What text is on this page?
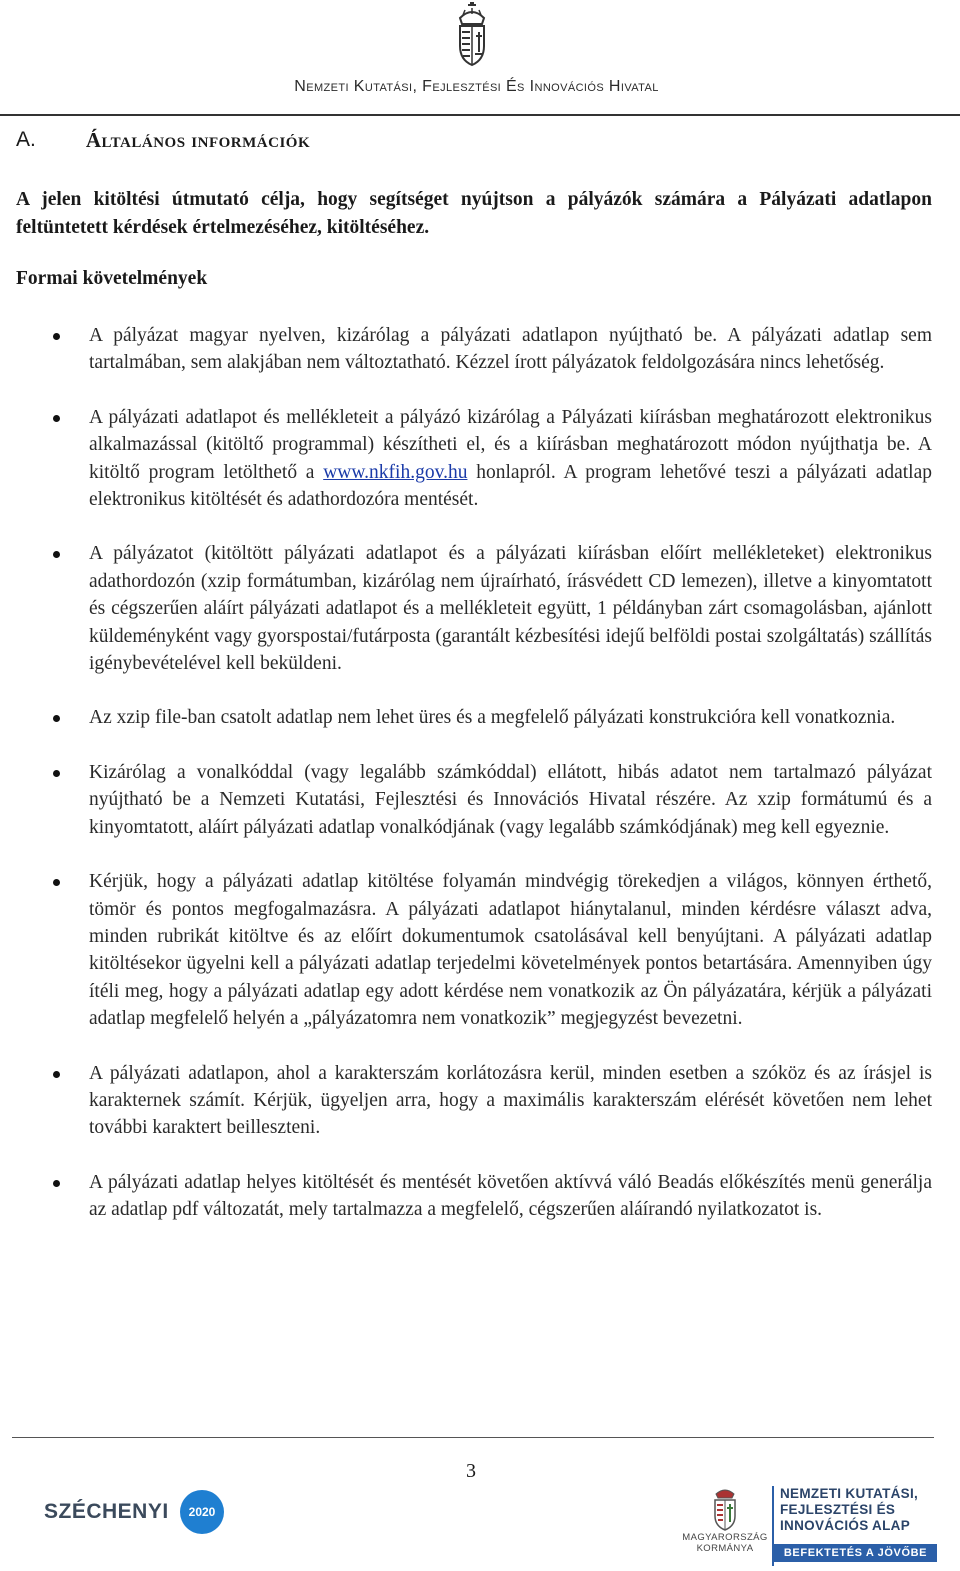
Nemzeti Kutatási, Fejlesztési És Innovációs Hivatal
A. Általános információk
A jelen kitöltési útmutató célja, hogy segítséget nyújtson a pályázók számára a Pályázati adatlapon feltüntetett kérdések értelmezéséhez, kitöltéséhez.
Formai követelmények
A pályázat magyar nyelven, kizárólag a pályázati adatlapon nyújtható be. A pályázati adatlap sem tartalmában, sem alakjában nem változtatható. Kézzel írott pályázatok feldolgozására nincs lehetőség.
A pályázati adatlapot és mellékleteit a pályázó kizárólag a Pályázati kiírásban meghatározott elektronikus alkalmazással (kitöltő programmal) készítheti el, és a kiírásban meghatározott módon nyújthatja be. A kitöltő program letölthető a www.nkfih.gov.hu honlapról. A program lehetővé teszi a pályázati adatlap elektronikus kitöltését és adathordozóra mentését.
A pályázatot (kitöltött pályázati adatlapot és a pályázati kiírásban előírt mellékleteket) elektronikus adathordozón (xzip formátumban, kizárólag nem újraírható, írásvédett CD lemezen), illetve a kinyomtatott és cégszerűen aláírt pályázati adatlapot és a mellékleteit együtt, 1 példányban zárt csomagolásban, ajánlott küldeményként vagy gyorspostai/futárposta (garantált kézbesítési idejű belföldi postai szolgáltatás) szállítás igénybevételével kell beküldeni.
Az xzip file-ban csatolt adatlap nem lehet üres és a megfelelő pályázati konstrukcióra kell vonatkoznia.
Kizárólag a vonalkóddal (vagy legalább számkóddal) ellátott, hibás adatot nem tartalmazó pályázat nyújtható be a Nemzeti Kutatási, Fejlesztési és Innovációs Hivatal részére. Az xzip formátumú és a kinyomtatott, aláírt pályázati adatlap vonalkódjának (vagy legalább számkódjának) meg kell egyeznie.
Kérjük, hogy a pályázati adatlap kitöltése folyamán mindvégig törekedjen a világos, könnyen érthető, tömör és pontos megfogalmazásra. A pályázati adatlapot hiánytalanul, minden kérdésre választ adva, minden rubrikát kitöltve és az előírt dokumentumok csatolásával kell benyújtani. A pályázati adatlap kitöltésekor ügyelni kell a pályázati adatlap terjedelmi követelmények pontos betartására. Amennyiben úgy ítéli meg, hogy a pályázati adatlap egy adott kérdése nem vonatkozik az Ön pályázatára, kérjük a pályázati adatlap megfelelő helyén a „pályázatomra nem vonatkozik” megjegyzést bevezetni.
A pályázati adatlapon, ahol a karakterszám korlátozásra kerül, minden esetben a szóköz és az írásjel is karakternek számít. Kérjük, ügyeljen arra, hogy a maximális karakterszám elérését követően nem lehet további karaktert beilleszteni.
A pályázati adatlap helyes kitöltését és mentését követően aktívvá váló Beadás előkészítés menü generálja az adatlap pdf változatát, mely tartalmazza a megfelelő, cégszerűen aláírandó nyilatkozatot is.
3
SZÉCHENYI	2020
MAGYARORSZÁG
KORMÁNYA
NEMZETI KUTATÁSI,
FEJLESZTÉSI ÉS
INNOVÁCIÓS ALAP
BEFEKTETÉS A JÖVŐBE
